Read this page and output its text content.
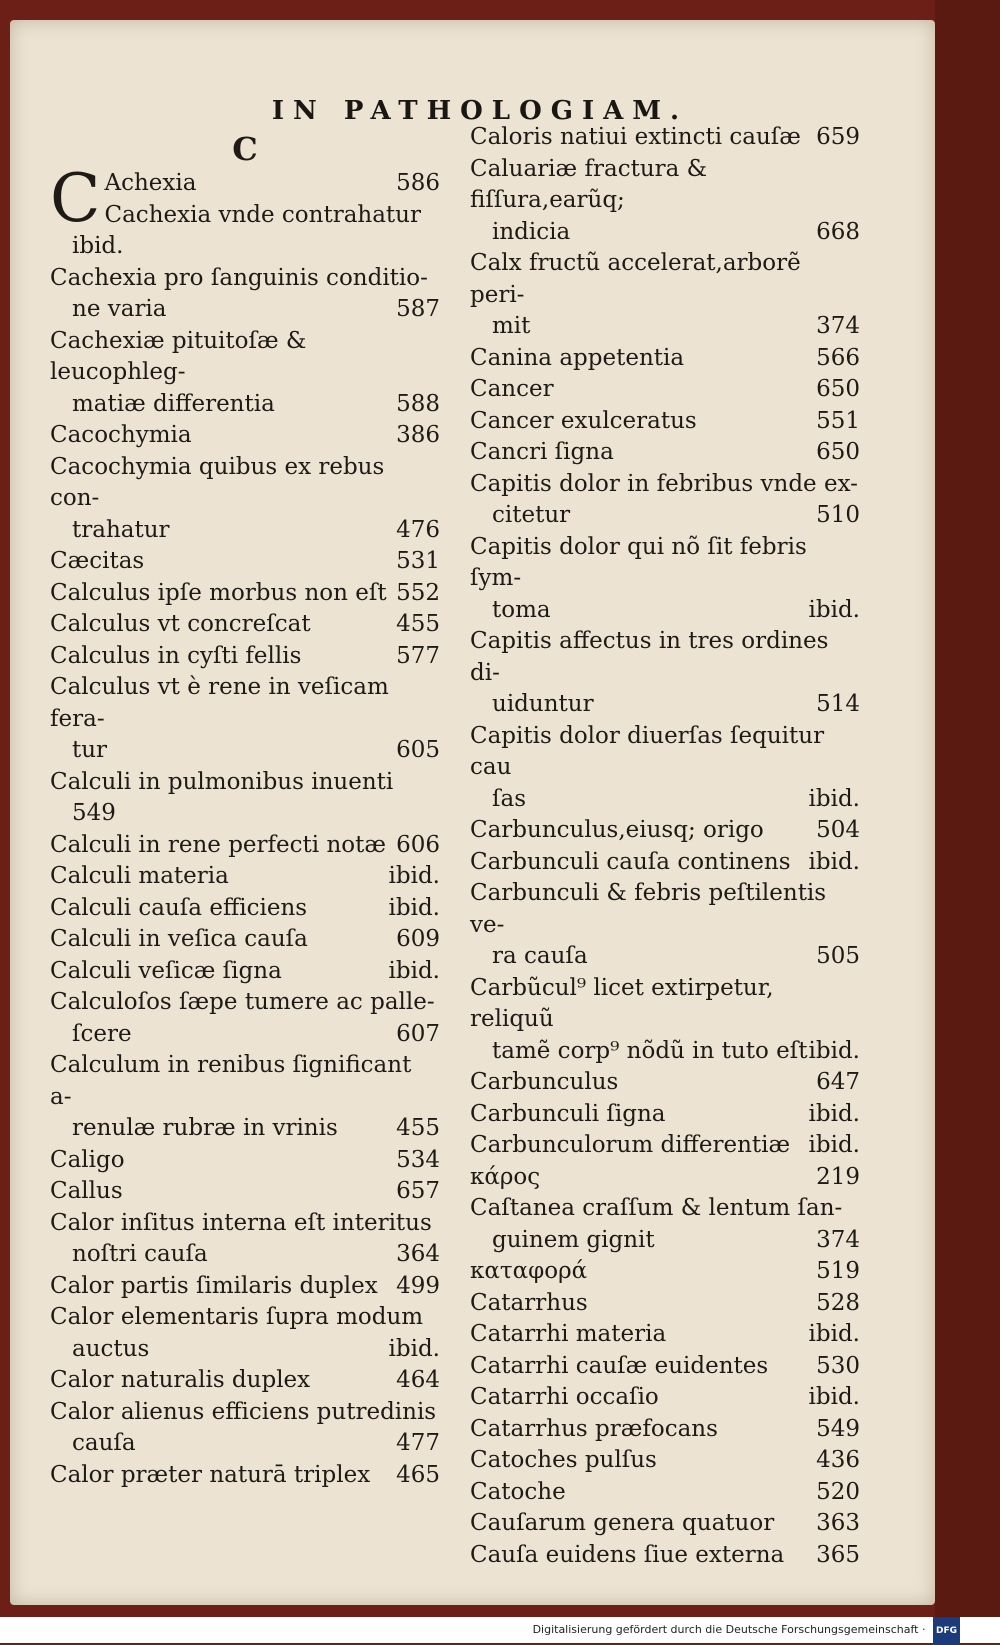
IN PATHOLOGIAM.
C
C Achexia	586
Cachexia vnde contrahatur
ibid.
Cachexia pro ſanguinis conditio-
ne varia	587
Cachexiæ pituitoſæ & leucophleg-
matiæ differentia	588
Cacochymia	386
Cacochymia quibus ex rebus con-
trahatur	476
Cæcitas	531
Calculus ipſe morbus non eſt 552
Calculus vt concreſcat	455
Calculus in cyſti fellis	577
Calculus vt è rene in veſicam fera-
tur	605
Calculi in pulmonibus inuenti
549
Calculi in rene perfecti notæ 606
Calculi materia	ibid.
Calculi cauſa efficiens	ibid.
Calculi in veſica cauſa	609
Calculi veſicæ ſigna	ibid.
Calculoſos ſæpe tumere ac palle-
ſcere	607
Calculum in renibus ſignificant a-
renulæ rubræ in vrinis	455
Caligo	534
Callus	657
Calor inſitus interna eſt interitus
noſtri cauſa	364
Calor partis ſimilaris duplex 499
Calor elementaris ſupra modum
auctus	ibid.
Calor naturalis duplex	464
Calor alienus efficiens putredinis
cauſa	477
Calor præter naturā triplex	465
Caloris natiui extincti cauſæ 659
Caluariæ fractura & fiſſura,earũq;
indicia	668
Calx fructũ accelerat,arborẽ peri-
mit	374
Canina appetentia	566
Cancer	650
Cancer exulceratus	551
Cancri ſigna	650
Capitis dolor in febribus vnde ex-
citetur	510
Capitis dolor qui nõ ſit febris ſym-
toma	ibid.
Capitis affectus in tres ordines di-
uiduntur	514
Capitis dolor diuerſas ſequitur cau
ſas	ibid.
Carbunculus,eiusq; origo	504
Carbunculi cauſa continens ibid.
Carbunculi & febris peſtilentis ve-
ra cauſa	505
Carbũcul⁹ licet extirpetur, reliquũ
tamẽ corp⁹ nõdũ in tuto eſt ibid.
Carbunculus	647
Carbunculi ſigna	ibid.
Carbunculorum differentiæ ibid.
κάρος	219
Caſtanea craſſum & lentum ſan-
guinem gignit	374
καταφορά	519
Catarrhus	528
Catarrhi materia	ibid.
Catarrhi cauſæ euidentes	530
Catarrhi occaſio	ibid.
Catarrhus præfocans	549
Catoches pulſus	436
Catoche	520
Cauſarum genera quatuor	363
Cauſa euidens ſiue externa	365
Digitalisierung gefördert durch die Deutsche Forschungsgemeinschaft · DFG
